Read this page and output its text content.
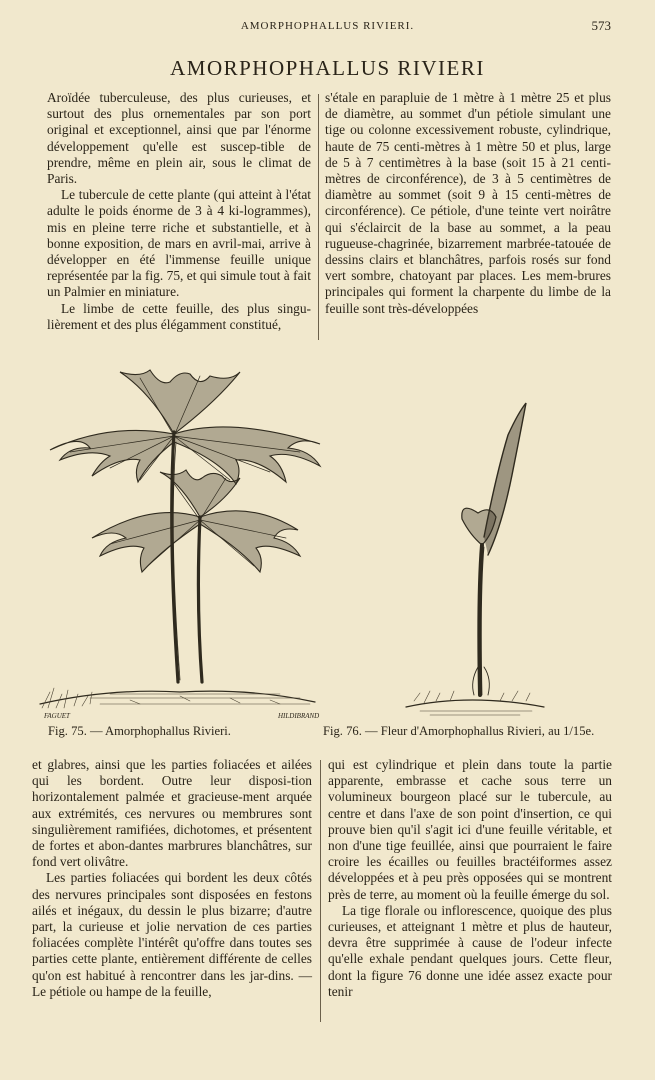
AMORPHOPHALLUS RIVIERI.	573
AMORPHOPHALLUS RIVIERI

Aroïdée tuberculeuse, des plus curieuses, et surtout des plus ornementales par son port original et exceptionnel, ainsi que par l'énorme développement qu'elle est suscep-tible de prendre, même en plein air, sous le climat de Paris.

Le tubercule de cette plante (qui atteint à l'état adulte le poids énorme de 3 à 4 ki-logrammes), mis en pleine terre riche et substantielle, et à bonne exposition, de mars en avril-mai, arrive à développer en été l'immense feuille unique représentée par la fig. 75, et qui simule tout à fait un Palmier en miniature.

Le limbe de cette feuille, des plus singu-lièrement et des plus élégamment constitué,

s'étale en parapluie de 1 mètre à 1 mètre 25 et plus de diamètre, au sommet d'un pétiole simulant une tige ou colonne excessivement robuste, cylindrique, haute de 75 centi-mètres à 1 mètre 50 et plus, large de 5 à 7 centimètres à la base (soit 15 à 21 centi-mètres de circonférence), de 3 à 5 centimètres de diamètre au sommet (soit 9 à 15 centi-mètres de circonférence). Ce pétiole, d'une teinte vert noirâtre qui s'éclaircit de la base au sommet, a la peau rugueuse-chagrinée, bizarrement marbrée-tatouée de dessins clairs et blanchâtres, parfois rosés sur fond vert sombre, chatoyant par places. Les mem-brures principales qui forment la charpente du limbe de la feuille sont très-développées

FAGUET	HILDIBRAND
Fig. 75. — Amorphophallus Rivieri.	Fig. 76. — Fleur d'Amorphophallus Rivieri, au 1/15e.

et glabres, ainsi que les parties foliacées et ailées qui les bordent. Outre leur disposi-tion horizontalement palmée et gracieuse-ment arquée aux extrémités, ces nervures ou membrures sont singulièrement ramifiées, dichotomes, et présentent de fortes et abon-dantes marbrures blanchâtres, sur fond vert olivâtre.

Les parties foliacées qui bordent les deux côtés des nervures principales sont disposées en festons ailés et inégaux, du dessin le plus bizarre; d'autre part, la curieuse et jolie nervation de ces parties foliacées complète l'intérêt qu'offre dans toutes ses parties cette plante, entièrement différente de celles qu'on est habitué à rencontrer dans les jar-dins. — Le pétiole ou hampe de la feuille,

qui est cylindrique et plein dans toute la partie apparente, embrasse et cache sous terre un volumineux bourgeon placé sur le tubercule, au centre et dans l'axe de son point d'insertion, ce qui prouve bien qu'il s'agit ici d'une feuille véritable, et non d'une tige feuillée, ainsi que pourraient le faire croire les écailles ou feuilles bractéiformes assez développées et à peu près opposées qui se montrent près de terre, au moment où la feuille émerge du sol.

La tige florale ou inflorescence, quoique des plus curieuses, et atteignant 1 mètre et plus de hauteur, devra être supprimée à cause de l'odeur infecte qu'elle exhale pendant quelques jours. Cette fleur, dont la figure 76 donne une idée assez exacte pour tenir
